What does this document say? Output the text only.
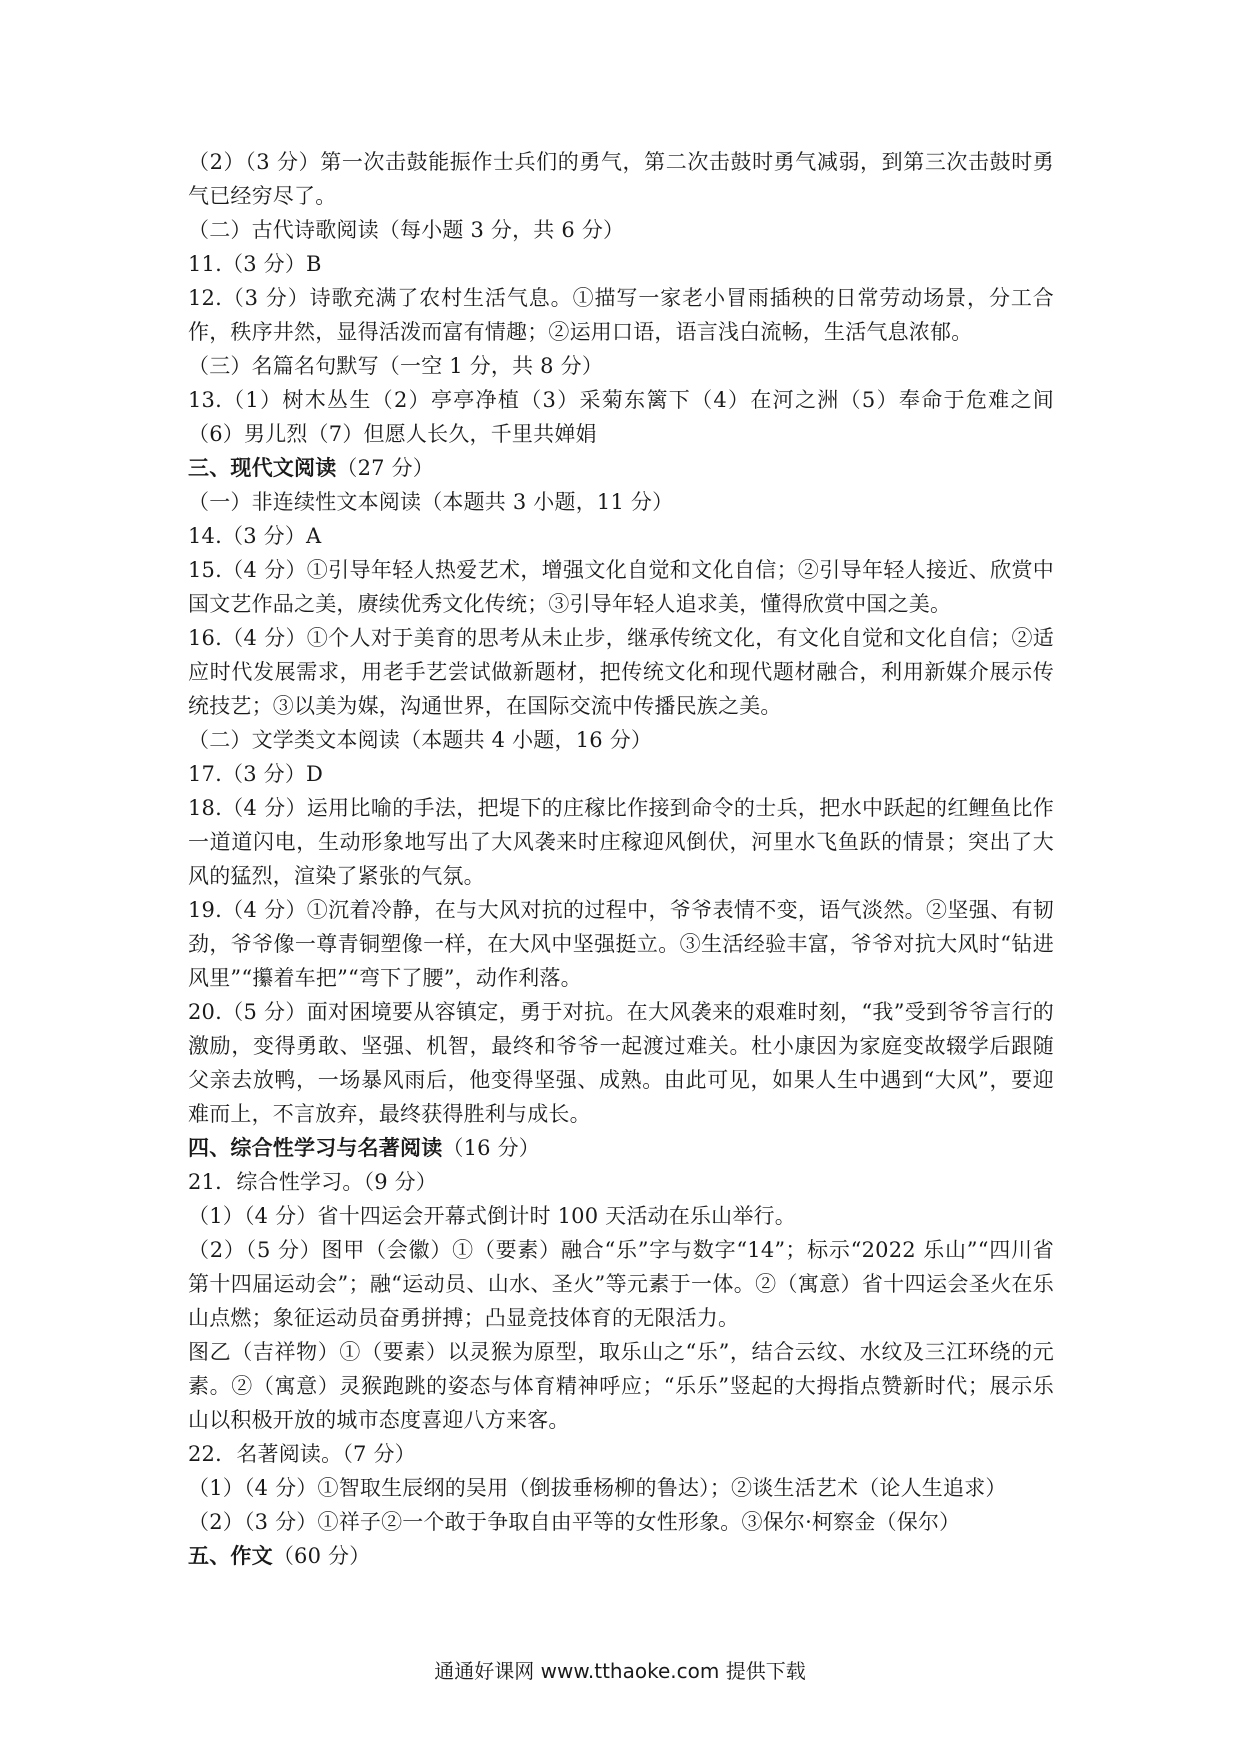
（2）（3 分）第一次击鼓能振作士兵们的勇气，第二次击鼓时勇气减弱，到第三次击鼓时勇气已经穷尽了。
（二）古代诗歌阅读（每小题 3 分，共 6 分）
11.（3 分）B
12.（3 分）诗歌充满了农村生活气息。①描写一家老小冒雨插秧的日常劳动场景，分工合作，秩序井然，显得活泼而富有情趣；②运用口语，语言浅白流畅，生活气息浓郁。
（三）名篇名句默写（一空 1 分，共 8 分）
13.（1）树木丛生（2）亭亭净植（3）采菊东篱下（4）在河之洲（5）奉命于危难之间（6）男儿烈（7）但愿人长久，千里共婵娟
三、现代文阅读（27 分）
（一）非连续性文本阅读（本题共 3 小题，11 分）
14.（3 分）A
15.（4 分）①引导年轻人热爱艺术，增强文化自觉和文化自信；②引导年轻人接近、欣赏中国文艺作品之美，赓续优秀文化传统；③引导年轻人追求美，懂得欣赏中国之美。
16.（4 分）①个人对于美育的思考从未止步，继承传统文化，有文化自觉和文化自信；②适应时代发展需求，用老手艺尝试做新题材，把传统文化和现代题材融合，利用新媒介展示传统技艺；③以美为媒，沟通世界，在国际交流中传播民族之美。
（二）文学类文本阅读（本题共 4 小题，16 分）
17.（3 分）D
18.（4 分）运用比喻的手法，把堤下的庄稼比作接到命令的士兵，把水中跃起的红鲤鱼比作一道道闪电，生动形象地写出了大风袭来时庄稼迎风倒伏，河里水飞鱼跃的情景；突出了大风的猛烈，渲染了紧张的气氛。
19.（4 分）①沉着冷静，在与大风对抗的过程中，爷爷表情不变，语气淡然。②坚强、有韧劲，爷爷像一尊青铜塑像一样，在大风中坚强挺立。③生活经验丰富，爷爷对抗大风时“钻进风里”“攥着车把”“弯下了腰”，动作利落。
20.（5 分）面对困境要从容镇定，勇于对抗。在大风袭来的艰难时刻，“我”受到爷爷言行的激励，变得勇敢、坚强、机智，最终和爷爷一起渡过难关。杜小康因为家庭变故辍学后跟随父亲去放鸭，一场暴风雨后，他变得坚强、成熟。由此可见，如果人生中遇到“大风”，要迎难而上，不言放弃，最终获得胜利与成长。
四、综合性学习与名著阅读（16 分）
21．综合性学习。（9 分）
（1）（4 分）省十四运会开幕式倒计时 100 天活动在乐山举行。
（2）（5 分）图甲（会徽）①（要素）融合“乐”字与数字“14”；标示“2022 乐山”“四川省第十四届运动会”；融“运动员、山水、圣火”等元素于一体。②（寓意）省十四运会圣火在乐山点燃；象征运动员奋勇拼搏；凸显竞技体育的无限活力。
图乙（吉祥物）①（要素）以灵猴为原型，取乐山之“乐”，结合云纹、水纹及三江环绕的元素。②（寓意）灵猴跑跳的姿态与体育精神呼应；“乐乐”竖起的大拇指点赞新时代；展示乐山以积极开放的城市态度喜迎八方来客。
22．名著阅读。（7 分）
（1）（4 分）①智取生辰纲的吴用（倒拔垂杨柳的鲁达）；②谈生活艺术（论人生追求）
（2）（3 分）①祥子②一个敢于争取自由平等的女性形象。③保尔·柯察金（保尔）
五、作文（60 分）
通通好课网 www.tthaoke.com 提供下载
